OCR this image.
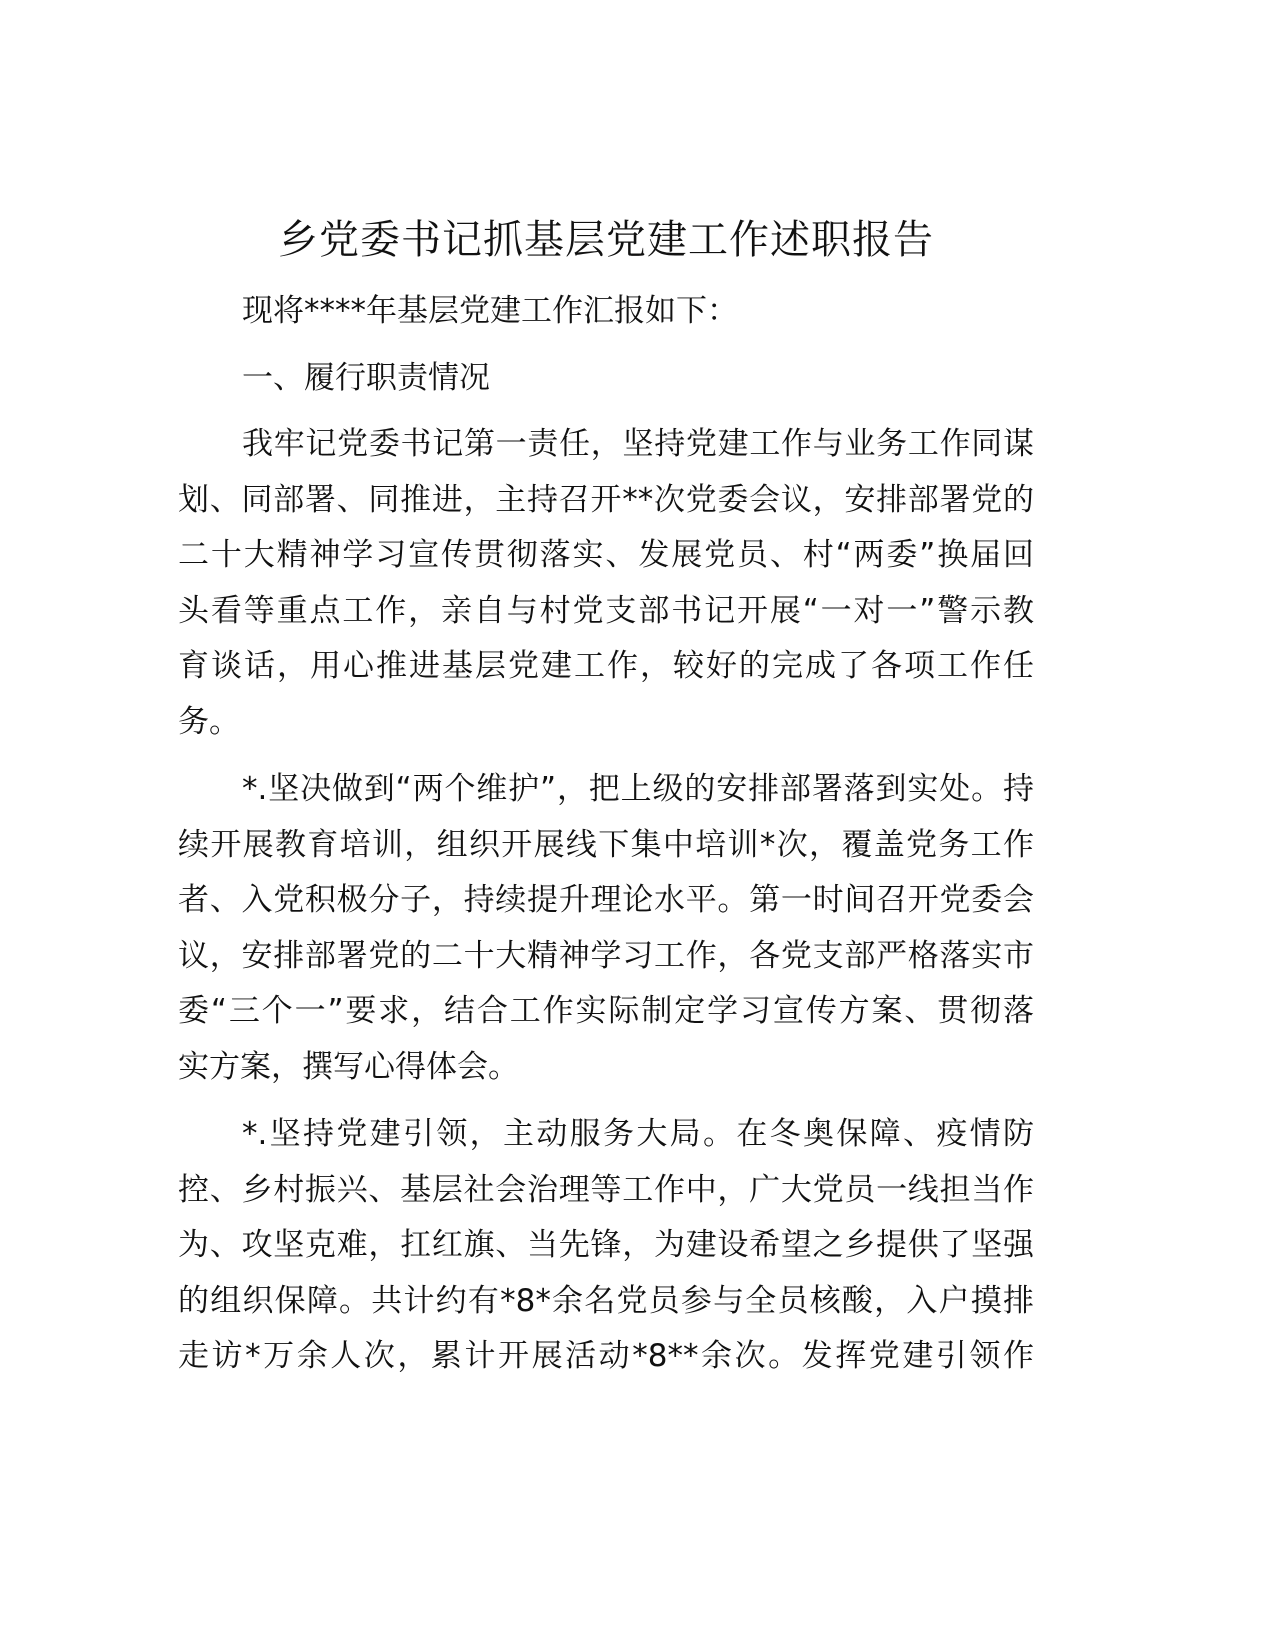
乡党委书记抓基层党建工作述职报告
现将****年基层党建工作汇报如下：
一、履行职责情况
我牢记党委书记第一责任，坚持党建工作与业务工作同谋
划、同部署、同推进，主持召开**次党委会议，安排部署党的
二十大精神学习宣传贯彻落实、发展党员、村“两委”换届回
头看等重点工作，亲自与村党支部书记开展“一对一”警示教
育谈话，用心推进基层党建工作，较好的完成了各项工作任
务。
*.坚决做到“两个维护”，把上级的安排部署落到实处。持
续开展教育培训，组织开展线下集中培训*次，覆盖党务工作
者、入党积极分子，持续提升理论水平。第一时间召开党委会
议，安排部署党的二十大精神学习工作，各党支部严格落实市
委“三个一”要求，结合工作实际制定学习宣传方案、贯彻落
实方案，撰写心得体会。
*.坚持党建引领，主动服务大局。在冬奥保障、疫情防
控、乡村振兴、基层社会治理等工作中，广大党员一线担当作
为、攻坚克难，扛红旗、当先锋，为建设希望之乡提供了坚强
的组织保障。共计约有*8*余名党员参与全员核酸，入户摸排
走访*万余人次，累计开展活动*8**余次。发挥党建引领作
